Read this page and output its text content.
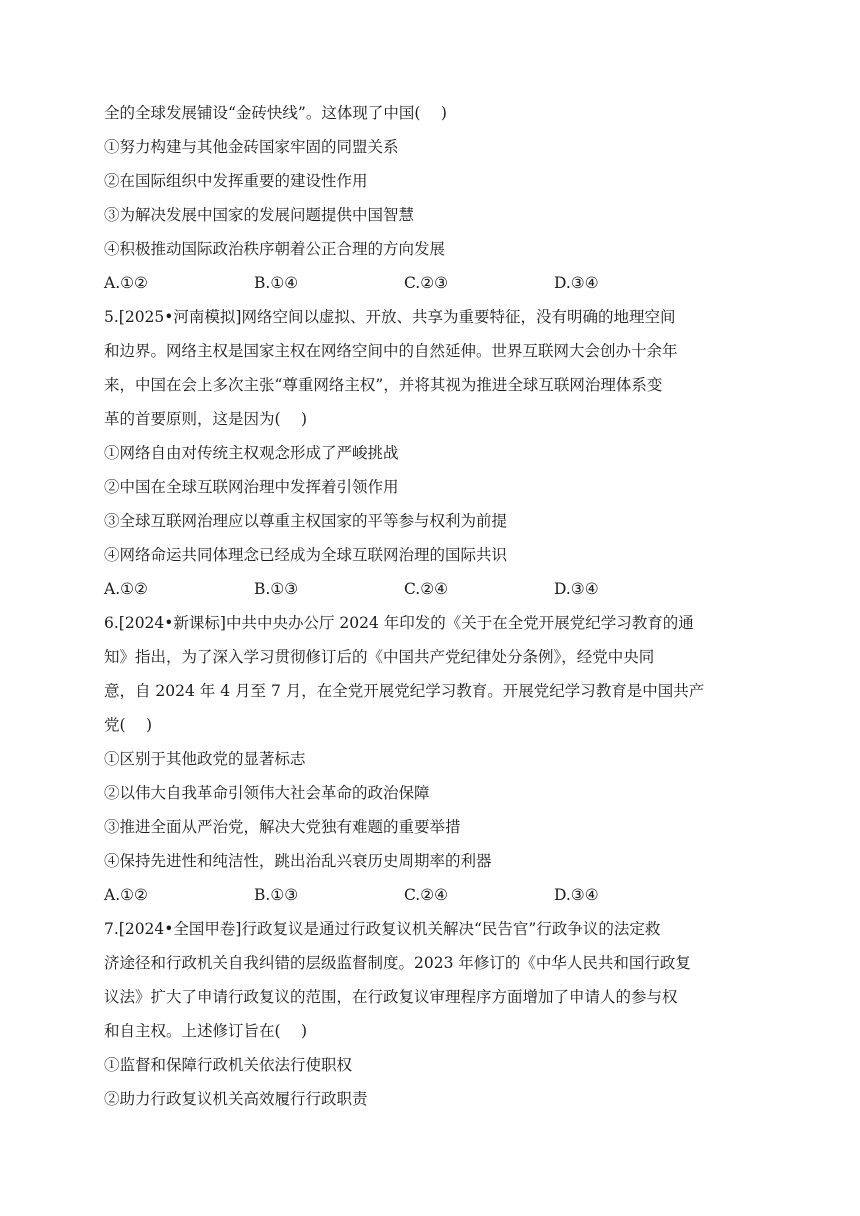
全的全球发展铺设“金砖快线”。这体现了中国(　 )
①努力构建与其他金砖国家牢固的同盟关系
②在国际组织中发挥重要的建设性作用
③为解决发展中国家的发展问题提供中国智慧
④积极推动国际政治秩序朝着公正合理的方向发展
A.①②	B.①④	C.②③	D.③④
5.[2025•河南模拟]网络空间以虚拟、开放、共享为重要特征，没有明确的地理空间
和边界。网络主权是国家主权在网络空间中的自然延伸。世界互联网大会创办十余年
来，中国在会上多次主张“尊重网络主权”，并将其视为推进全球互联网治理体系变
革的首要原则，这是因为(　 )
①网络自由对传统主权观念形成了严峻挑战
②中国在全球互联网治理中发挥着引领作用
③全球互联网治理应以尊重主权国家的平等参与权利为前提
④网络命运共同体理念已经成为全球互联网治理的国际共识
A.①②	B.①③	C.②④	D.③④
6.[2024•新课标]中共中央办公厅 2024 年印发的《关于在全党开展党纪学习教育的通
知》指出，为了深入学习贯彻修订后的《中国共产党纪律处分条例》，经党中央同
意，自 2024 年 4 月至 7 月，在全党开展党纪学习教育。开展党纪学习教育是中国共产
党(　 )
①区别于其他政党的显著标志
②以伟大自我革命引领伟大社会革命的政治保障
③推进全面从严治党，解决大党独有难题的重要举措
④保持先进性和纯洁性，跳出治乱兴衰历史周期率的利器
A.①②	B.①③	C.②④	D.③④
7.[2024•全国甲卷]行政复议是通过行政复议机关解决“民告官”行政争议的法定救
济途径和行政机关自我纠错的层级监督制度。2023 年修订的《中华人民共和国行政复
议法》扩大了申请行政复议的范围，在行政复议审理程序方面增加了申请人的参与权
和自主权。上述修订旨在(　 )
①监督和保障行政机关依法行使职权
②助力行政复议机关高效履行行政职责
